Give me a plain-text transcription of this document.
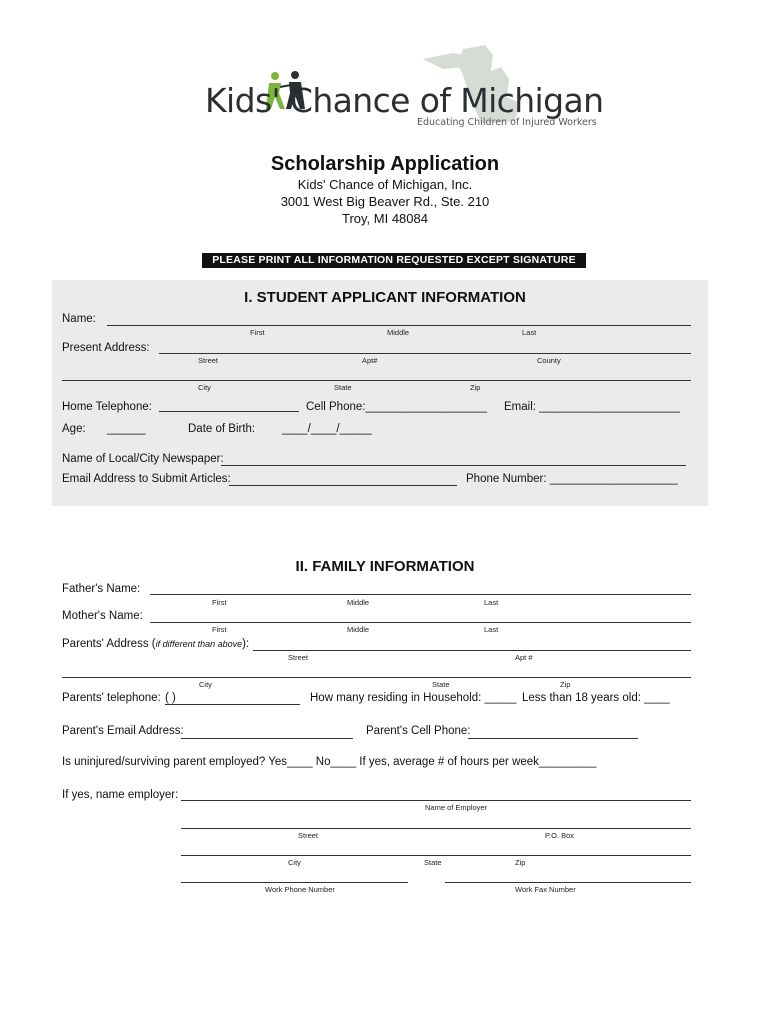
Kids' Chance of Michigan
Educating Children of Injured Workers
Scholarship Application
Kids' Chance of Michigan, Inc.
3001 West Big Beaver Rd., Ste. 210
Troy, MI 48084
PLEASE PRINT ALL INFORMATION REQUESTED EXCEPT SIGNATURE
I. STUDENT APPLICANT INFORMATION
Name:
First	Middle	Last
Present Address:
Street	Apt#	County
City	State	Zip
Home Telephone:	Cell Phone:___________________ Email: ______________________
Age: ______	Date of Birth: ____/____/_____
Name of Local/City Newspaper:
Email Address to Submit Articles:	Phone Number: ____________________
II. FAMILY INFORMATION
Father's Name:
First	Middle	Last
Mother's Name:
First	Middle	Last
Parents' Address (if different than above):
Street	Apt #
City	State	Zip
Parents' telephone: ( )	How many residing in Household: _____ Less than 18 years old: ____
Parent's Email Address:	Parent's Cell Phone:
Is uninjured/surviving parent employed? Yes____ No____ If yes, average # of hours per week_________
If yes, name employer:
Name of Employer
Street	P.O. Box
City	State	Zip
Work Phone Number	Work Fax Number
